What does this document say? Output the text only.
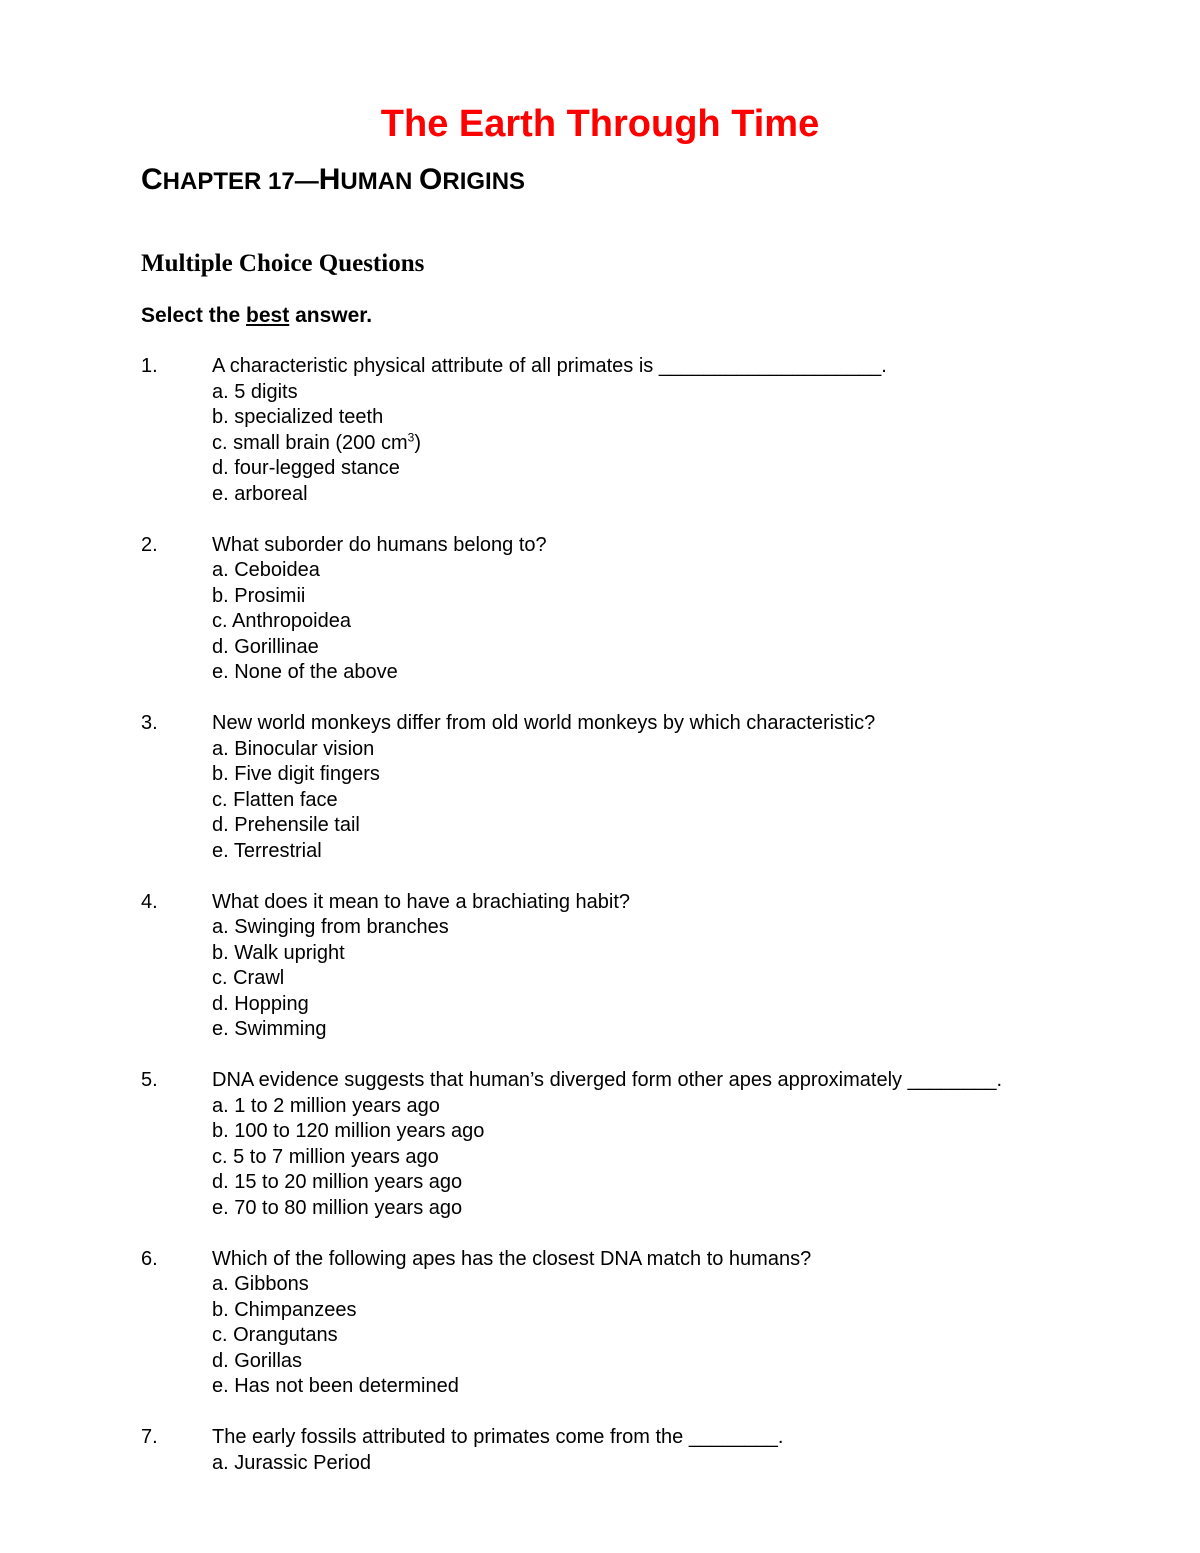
The Earth Through Time
CHAPTER 17—HUMAN ORIGINS
Multiple Choice Questions
Select the best answer.
1.	A characteristic physical attribute of all primates is ____________________.
a. 5 digits
b. specialized teeth
c. small brain (200 $cm^3$)
d. four-legged stance
e. arboreal
2.	What suborder do humans belong to?
a. Ceboidea
b. Prosimii
c. Anthropoidea
d. Gorillinae
e. None of the above
3.	New world monkeys differ from old world monkeys by which characteristic?
a. Binocular vision
b. Five digit fingers
c. Flatten face
d. Prehensile tail
e. Terrestrial
4.	What does it mean to have a brachiating habit?
a. Swinging from branches
b. Walk upright
c. Crawl
d. Hopping
e. Swimming
5.	DNA evidence suggests that human’s diverged form other apes approximately ________.
a. 1 to 2 million years ago
b. 100 to 120 million years ago
c. 5 to 7 million years ago
d. 15 to 20 million years ago
e. 70 to 80 million years ago
6.	Which of the following apes has the closest DNA match to humans?
a. Gibbons
b. Chimpanzees
c. Orangutans
d. Gorillas
e. Has not been determined
7.	The early fossils attributed to primates come from the ________.
a. Jurassic Period
